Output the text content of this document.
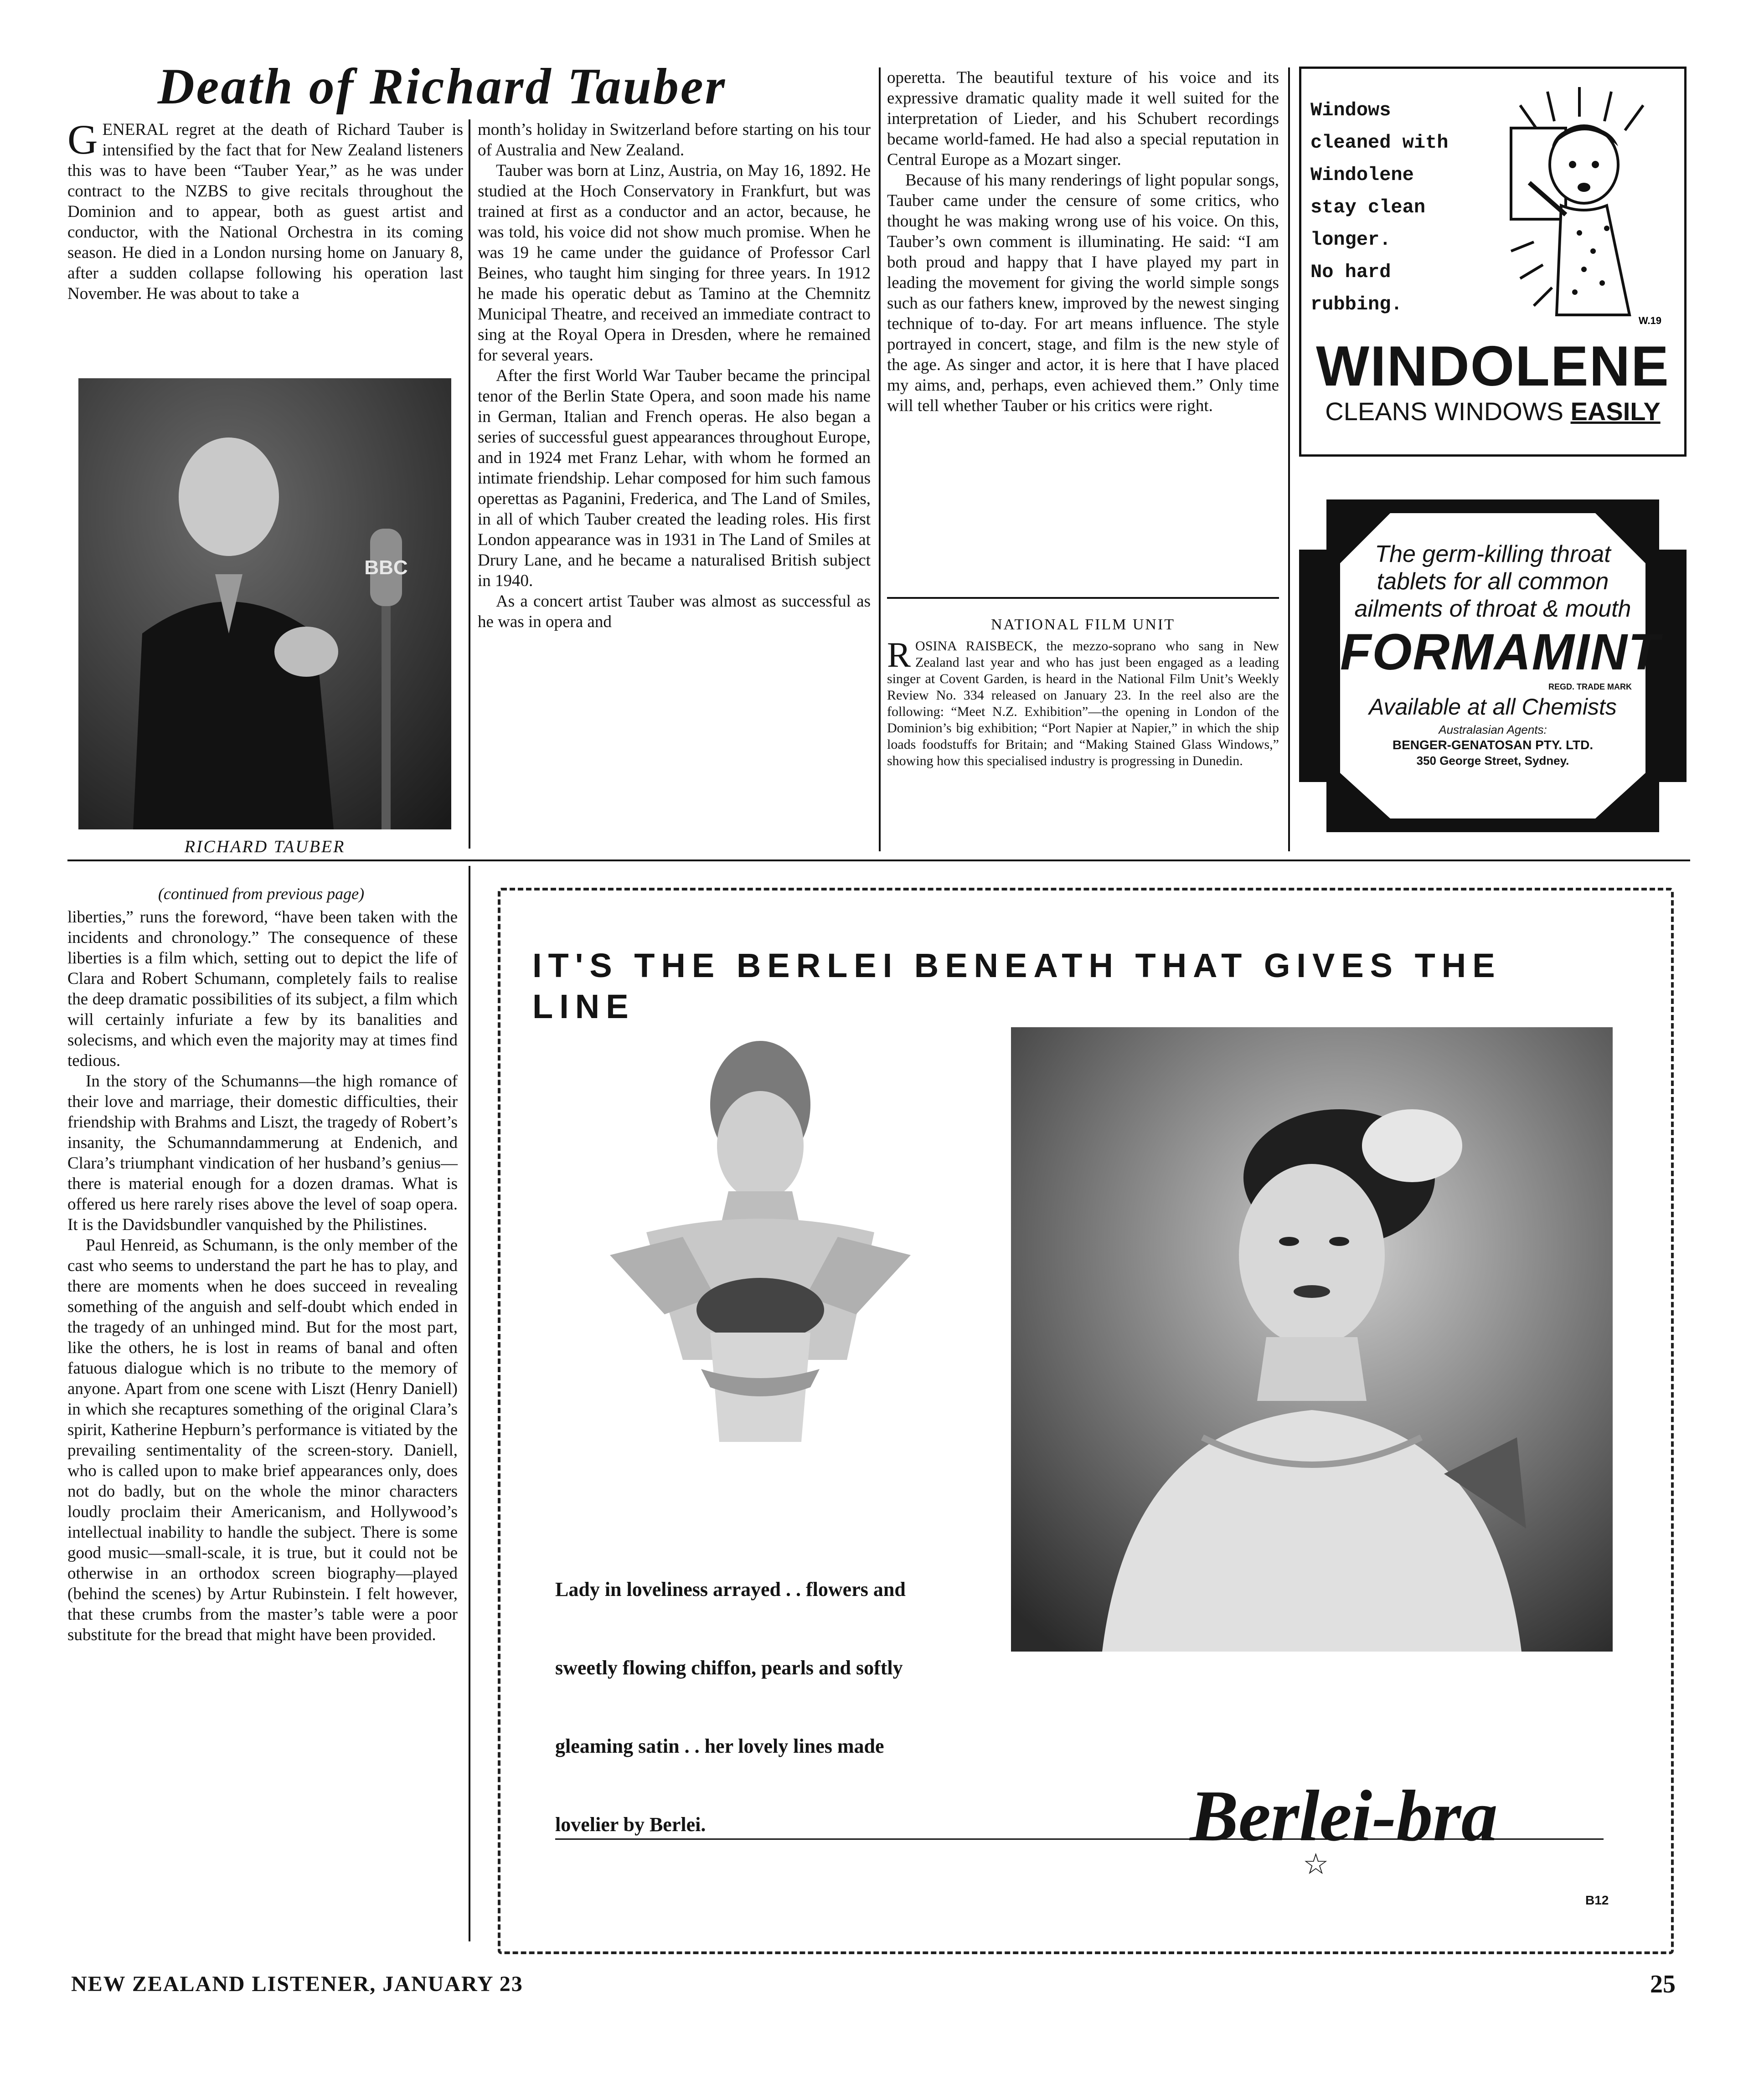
Death of Richard Tauber
G ENERAL regret at the death of Richard Tauber is intensified by the fact that for New Zealand listeners this was to have been “Tauber Year,” as he was under contract to the NZBS to give recitals throughout the Dominion and to appear, both as guest artist and conductor, with the National Orchestra in its coming season. He died in a London nursing home on January 8, after a sudden collapse following his operation last November. He was about to take a
BBC
RICHARD TAUBER

month’s holiday in Switzerland before starting on his tour of Australia and New Zealand.

Tauber was born at Linz, Austria, on May 16, 1892. He studied at the Hoch Conservatory in Frankfurt, but was trained at first as a conductor and an actor, because, he was told, his voice did not show much promise. When he was 19 he came under the guidance of Professor Carl Beines, who taught him singing for three years. In 1912 he made his operatic debut as Tamino at the Chemnitz Municipal Theatre, and received an immediate contract to sing at the Royal Opera in Dresden, where he remained for several years.

After the first World War Tauber became the principal tenor of the Berlin State Opera, and soon made his name in German, Italian and French operas. He also began a series of successful guest appearances throughout Europe, and in 1924 met Franz Lehar, with whom he formed an intimate friendship. Lehar composed for him such famous operettas as Paganini, Frederica, and The Land of Smiles, in all of which Tauber created the leading roles. His first London appearance was in 1931 in The Land of Smiles at Drury Lane, and he became a naturalised British subject in 1940.

As a concert artist Tauber was almost as successful as he was in opera and

operetta. The beautiful texture of his voice and its expressive dramatic quality made it well suited for the interpretation of Lieder, and his Schubert recordings became world-famed. He had also a special reputation in Central Europe as a Mozart singer.

Because of his many renderings of light popular songs, Tauber came under the censure of some critics, who thought he was making wrong use of his voice. On this, Tauber’s own comment is illuminating. He said: “I am both proud and happy that I have played my part in leading the movement for giving the world simple songs such as our fathers knew, improved by the newest singing technique of to-day. For art means influence. The style portrayed in concert, stage, and film is the new style of the age. As singer and actor, it is here that I have placed my aims, and, perhaps, even achieved them.” Only time will tell whether Tauber or his critics were right.

NATIONAL FILM UNIT
R OSINA RAISBECK, the mezzo-soprano who sang in New Zealand last year and who has just been engaged as a leading singer at Covent Garden, is heard in the National Film Unit’s Weekly Review No. 334 released on January 23. In the reel also are the following: “Meet N.Z. Exhibition”—the opening in London of the Dominion’s big exhibition; “Port Napier at Napier,” in which the ship loads foodstuffs for Britain; and “Making Stained Glass Windows,” showing how this specialised industry is progressing in Dunedin.
Windows
cleaned with
Windolene
stay clean
longer.
No hard
rubbing.
W.19
WINDOLENE
CLEANS WINDOWS EASILY
The germ-killing throat
tablets for all common
ailments of throat & mouth
FORMAMINT
REGD. TRADE MARK
Available at all Chemists
Australasian Agents:
BENGER-GENATOSAN PTY. LTD.
350 George Street, Sydney.
(continued from previous page)

liberties,” runs the foreword, “have been taken with the incidents and chronology.” The consequence of these liberties is a film which, setting out to depict the life of Clara and Robert Schumann, completely fails to realise the deep dramatic possibilities of its subject, a film which will certainly infuriate a few by its banalities and solecisms, and which even the majority may at times find tedious.

In the story of the Schumanns—the high romance of their love and marriage, their domestic difficulties, their friendship with Brahms and Liszt, the tragedy of Robert’s insanity, the Schumanndammerung at Endenich, and Clara’s triumphant vindication of her husband’s genius—there is material enough for a dozen dramas. What is offered us here rarely rises above the level of soap opera. It is the Davidsbundler vanquished by the Philistines.

Paul Henreid, as Schumann, is the only member of the cast who seems to understand the part he has to play, and there are moments when he does succeed in revealing something of the anguish and self-doubt which ended in the tragedy of an unhinged mind. But for the most part, like the others, he is lost in reams of banal and often fatuous dialogue which is no tribute to the memory of anyone. Apart from one scene with Liszt (Henry Daniell) in which she recaptures something of the original Clara’s spirit, Katherine Hepburn’s performance is vitiated by the prevailing sentimentality of the screen-story. Daniell, who is called upon to make brief appearances only, does not do badly, but on the whole the minor characters loudly proclaim their Americanism, and Hollywood’s intellectual inability to handle the subject. There is some good music—small-scale, it is true, but it could not be otherwise in an orthodox screen biography—played (behind the scenes) by Artur Rubinstein. I felt however, that these crumbs from the master’s table were a poor substitute for the bread that might have been provided.

IT'S THE BERLEI BENEATH THAT GIVES THE LINE
Lady in loveliness arrayed . . flowers and
sweetly flowing chiffon, pearls and softly
gleaming satin . . her lovely lines made
lovelier by Berlei.	Berlei-bra
☆
B12
NEW ZEALAND LISTENER, JANUARY 23	25
